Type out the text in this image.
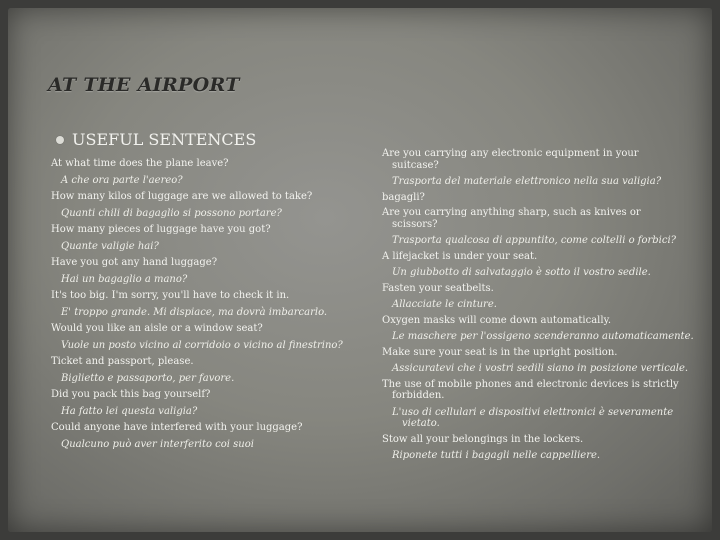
AT THE AIRPORT
USEFUL SENTENCES
At what time does the plane leave?
A che ora parte l'aereo?
How many kilos of luggage are we allowed to take?
Quanti chili di bagaglio si possono portare?
How many pieces of luggage have you got?
Quante valigie hai?
Have you got any hand luggage?
Hai un bagaglio a mano?
It's too big. I'm sorry, you'll have to check it in.
E' troppo grande. Mi dispiace, ma dovrà imbarcarlo.
Would you like an aisle or a window seat?
Vuole un posto vicino al corridoio o vicino al finestrino?
Ticket and passport, please.
Biglietto e passaporto, per favore.
Did you pack this bag yourself?
Ha fatto lei questa valigia?
Could anyone have interfered with your luggage?
Qualcuno può aver interferito coi suoi
Are you carrying any electronic equipment in your
suitcase?
Trasporta del materiale elettronico nella sua valigia?
bagagli?
Are you carrying anything sharp, such as knives or
scissors?
Trasporta qualcosa di appuntito, come coltelli o forbici?
A lifejacket is under your seat.
Un giubbotto di salvataggio è sotto il vostro sedile.
Fasten your seatbelts.
Allacciate le cinture.
Oxygen masks will come down automatically.
Le maschere per l'ossigeno scenderanno automaticamente.
Make sure your seat is in the upright position.
Assicuratevi che i vostri sedili siano in posizione verticale.
The use of mobile phones and electronic devices is strictly
forbidden.
L'uso di cellulari e dispositivi elettronici è severamente
vietato.
Stow all your belongings in the lockers.
Riponete tutti i bagagli nelle cappelliere.
